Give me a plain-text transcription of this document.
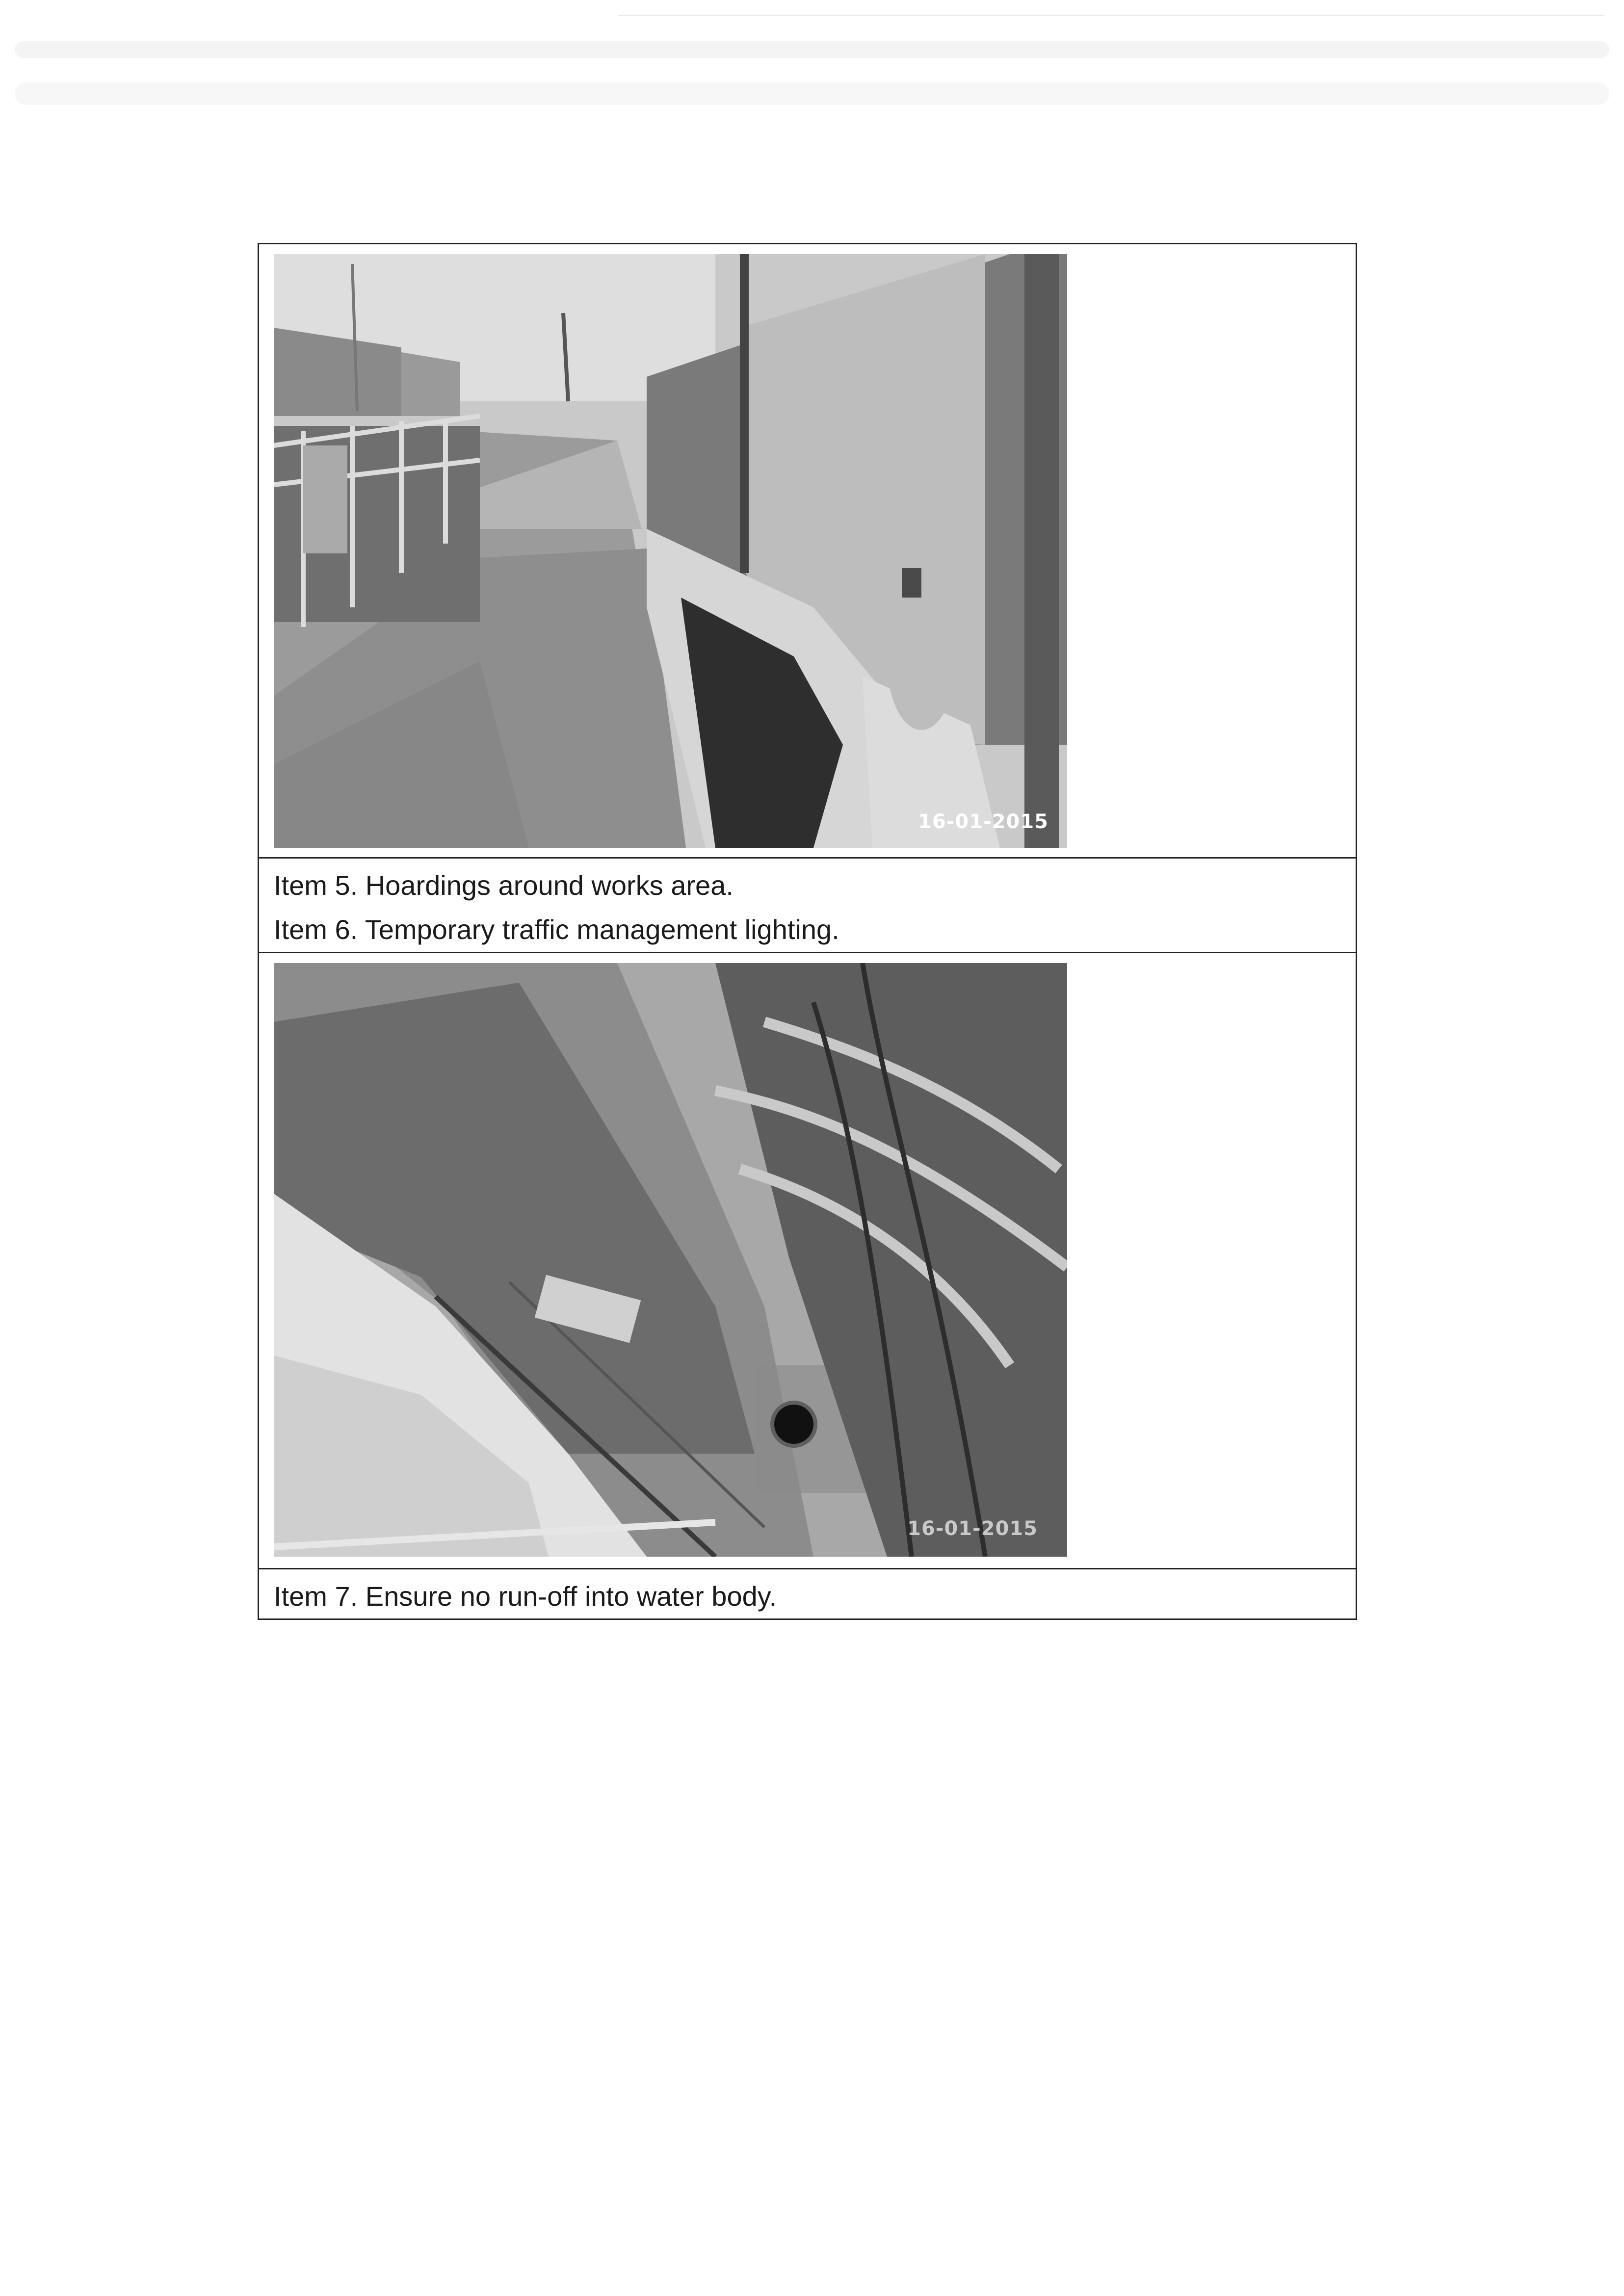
16-01-2015

Item 5. Hoardings around works area.
Item 6. Temporary traffic management lighting.

16-01-2015

Item 7. Ensure no run-off into water body.
